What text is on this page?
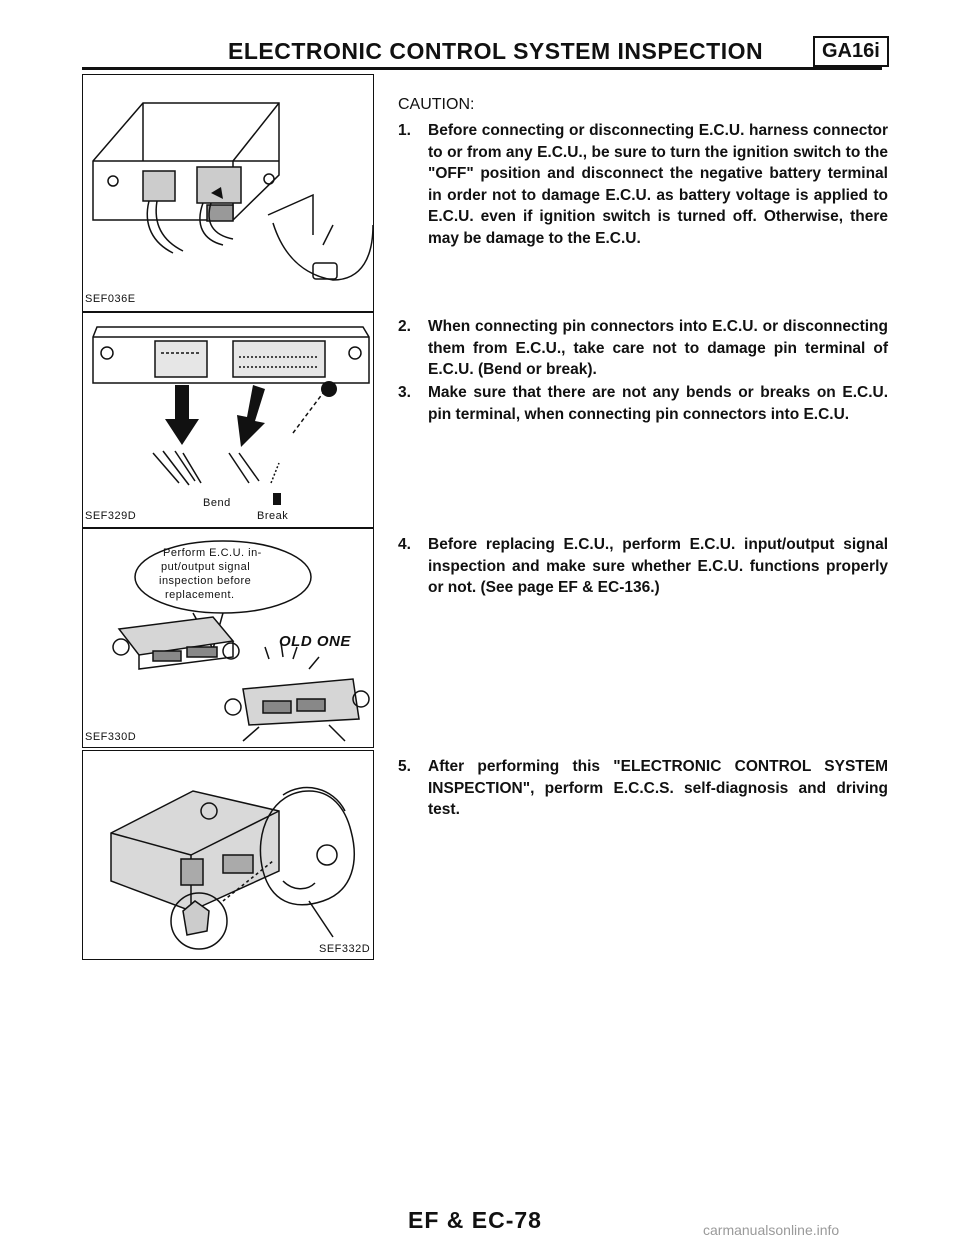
ELECTRONIC CONTROL SYSTEM INSPECTION	GA16i
SEF036E
SEF329D
Bend
Break
Perform E.C.U. in-
put/output signal
inspection before
replacement.
OLD ONE
SEF330D
SEF332D
CAUTION:
1.	Before connecting or disconnecting E.C.U. harness connector to or from any E.C.U., be sure to turn the ignition switch to the "OFF" position and disconnect the negative battery terminal in order not to damage E.C.U. as battery voltage is applied to E.C.U. even if ignition switch is turned off. Otherwise, there may be damage to the E.C.U.
2.	When connecting pin connectors into E.C.U. or disconnecting them from E.C.U., take care not to damage pin terminal of E.C.U. (Bend or break).
3.	Make sure that there are not any bends or breaks on E.C.U. pin terminal, when connecting pin connectors into E.C.U.
4.	Before replacing E.C.U., perform E.C.U. input/output signal inspection and make sure whether E.C.U. functions properly or not. (See page EF & EC-136.)
5.	After performing this "ELECTRONIC CONTROL SYSTEM INSPECTION", perform E.C.C.S. self-diagnosis and driving test.
EF & EC-78	carmanualsonline.info
